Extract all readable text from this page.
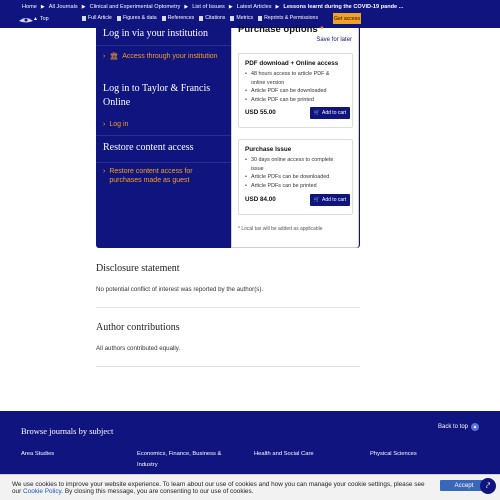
Home ▶ All Journals ▶ Clinical and Experimental Optometry ▶ List of Issues ▶ Latest Articles ▶ Lessons learnt during the COVID-19 pande ...
▲ Top	Full Article Figures & data References Citations Metrics Reprints & Permissions	Get access
Log in via your institution
› 🏛 Access through your institution
Log in to Taylor & Francis Online
› Log in
Restore content access
› Restore content access for purchases made as guest
Purchase options *
Save for later
PDF download + Online access
• 48 hours access to article PDF & online version
• Article PDF can be downloaded
• Article PDF can be printed
USD 55.00	🛒 Add to cart
Purchase Issue
• 30 days online access to complete issue
• Article PDFs can be downloaded
• Article PDFs can be printed
USD 84.00	🛒 Add to cart
* Local tax will be added as applicable
Disclosure statement
No potential conflict of interest was reported by the author(s).
Author contributions
All authors contributed equally.
Browse journals by subject	Back to top ▲
Area Studies	Economics, Finance, Business & Industry
Health and Social Care	Physical Sciences
We use cookies to improve your website experience. To learn about our use of cookies and how you can manage your cookie settings, please see our Cookie Policy. By closing this message, you are consenting to our use of cookies.
Accept	⤤
